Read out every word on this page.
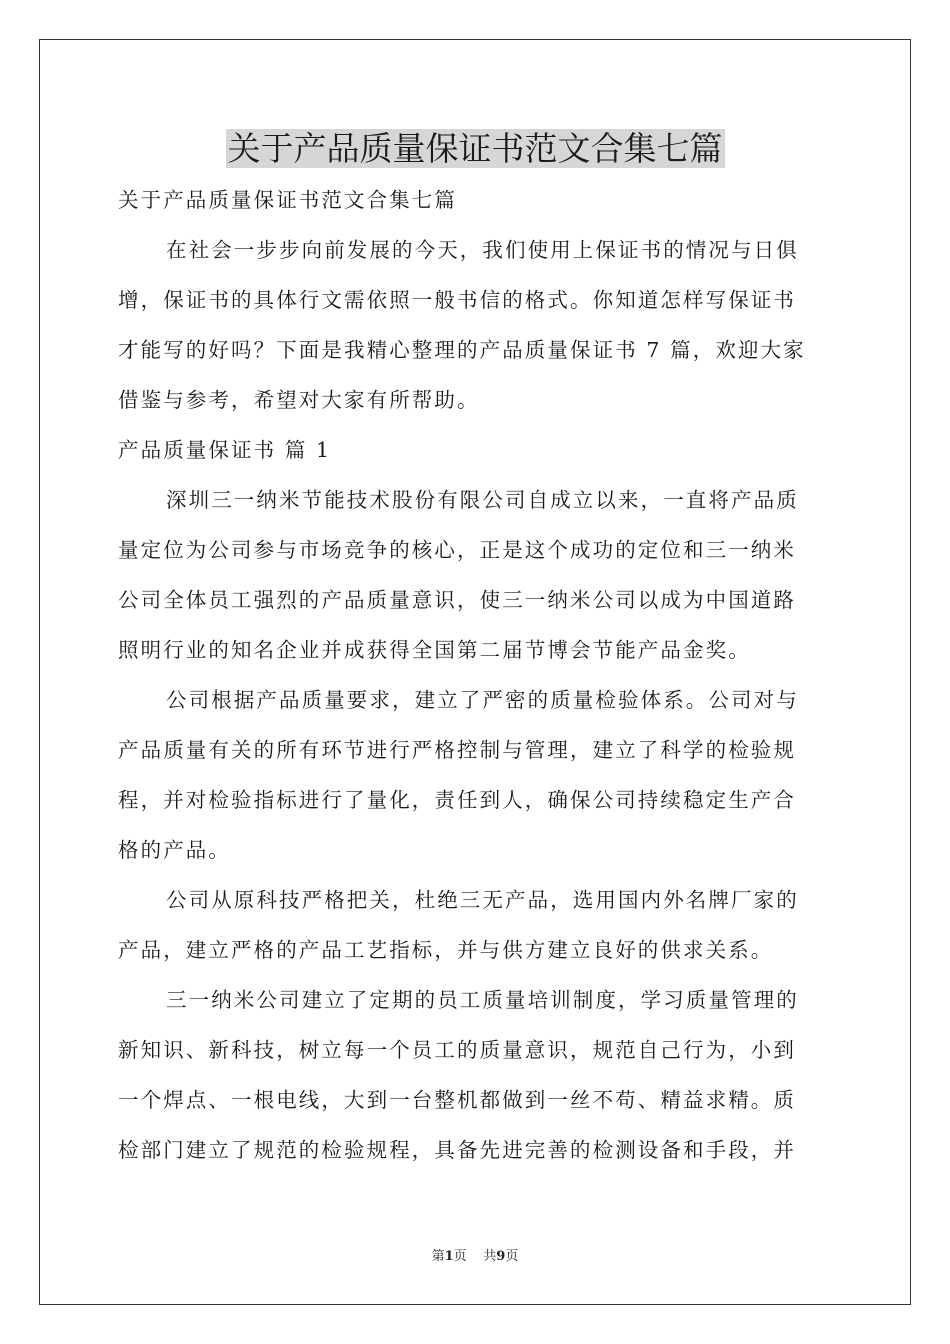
关于产品质量保证书范文合集七篇
关于产品质量保证书范文合集七篇
在社会一步步向前发展的今天，我们使用上保证书的情况与日俱
增，保证书的具体行文需依照一般书信的格式。你知道怎样写保证书
才能写的好吗？下面是我精心整理的产品质量保证书 7 篇，欢迎大家
借鉴与参考，希望对大家有所帮助。
产品质量保证书 篇 1
深圳三一纳米节能技术股份有限公司自成立以来，一直将产品质
量定位为公司参与市场竞争的核心，正是这个成功的定位和三一纳米
公司全体员工强烈的产品质量意识，使三一纳米公司以成为中国道路
照明行业的知名企业并成获得全国第二届节博会节能产品金奖。
公司根据产品质量要求，建立了严密的质量检验体系。公司对与
产品质量有关的所有环节进行严格控制与管理，建立了科学的检验规
程，并对检验指标进行了量化，责任到人，确保公司持续稳定生产合
格的产品。
公司从原科技严格把关，杜绝三无产品，选用国内外名牌厂家的
产品，建立严格的产品工艺指标，并与供方建立良好的供求关系。
三一纳米公司建立了定期的员工质量培训制度，学习质量管理的
新知识、新科技，树立每一个员工的质量意识，规范自己行为，小到
一个焊点、一根电线，大到一台整机都做到一丝不苟、精益求精。质
检部门建立了规范的检验规程，具备先进完善的检测设备和手段，并
第1页 共9页
